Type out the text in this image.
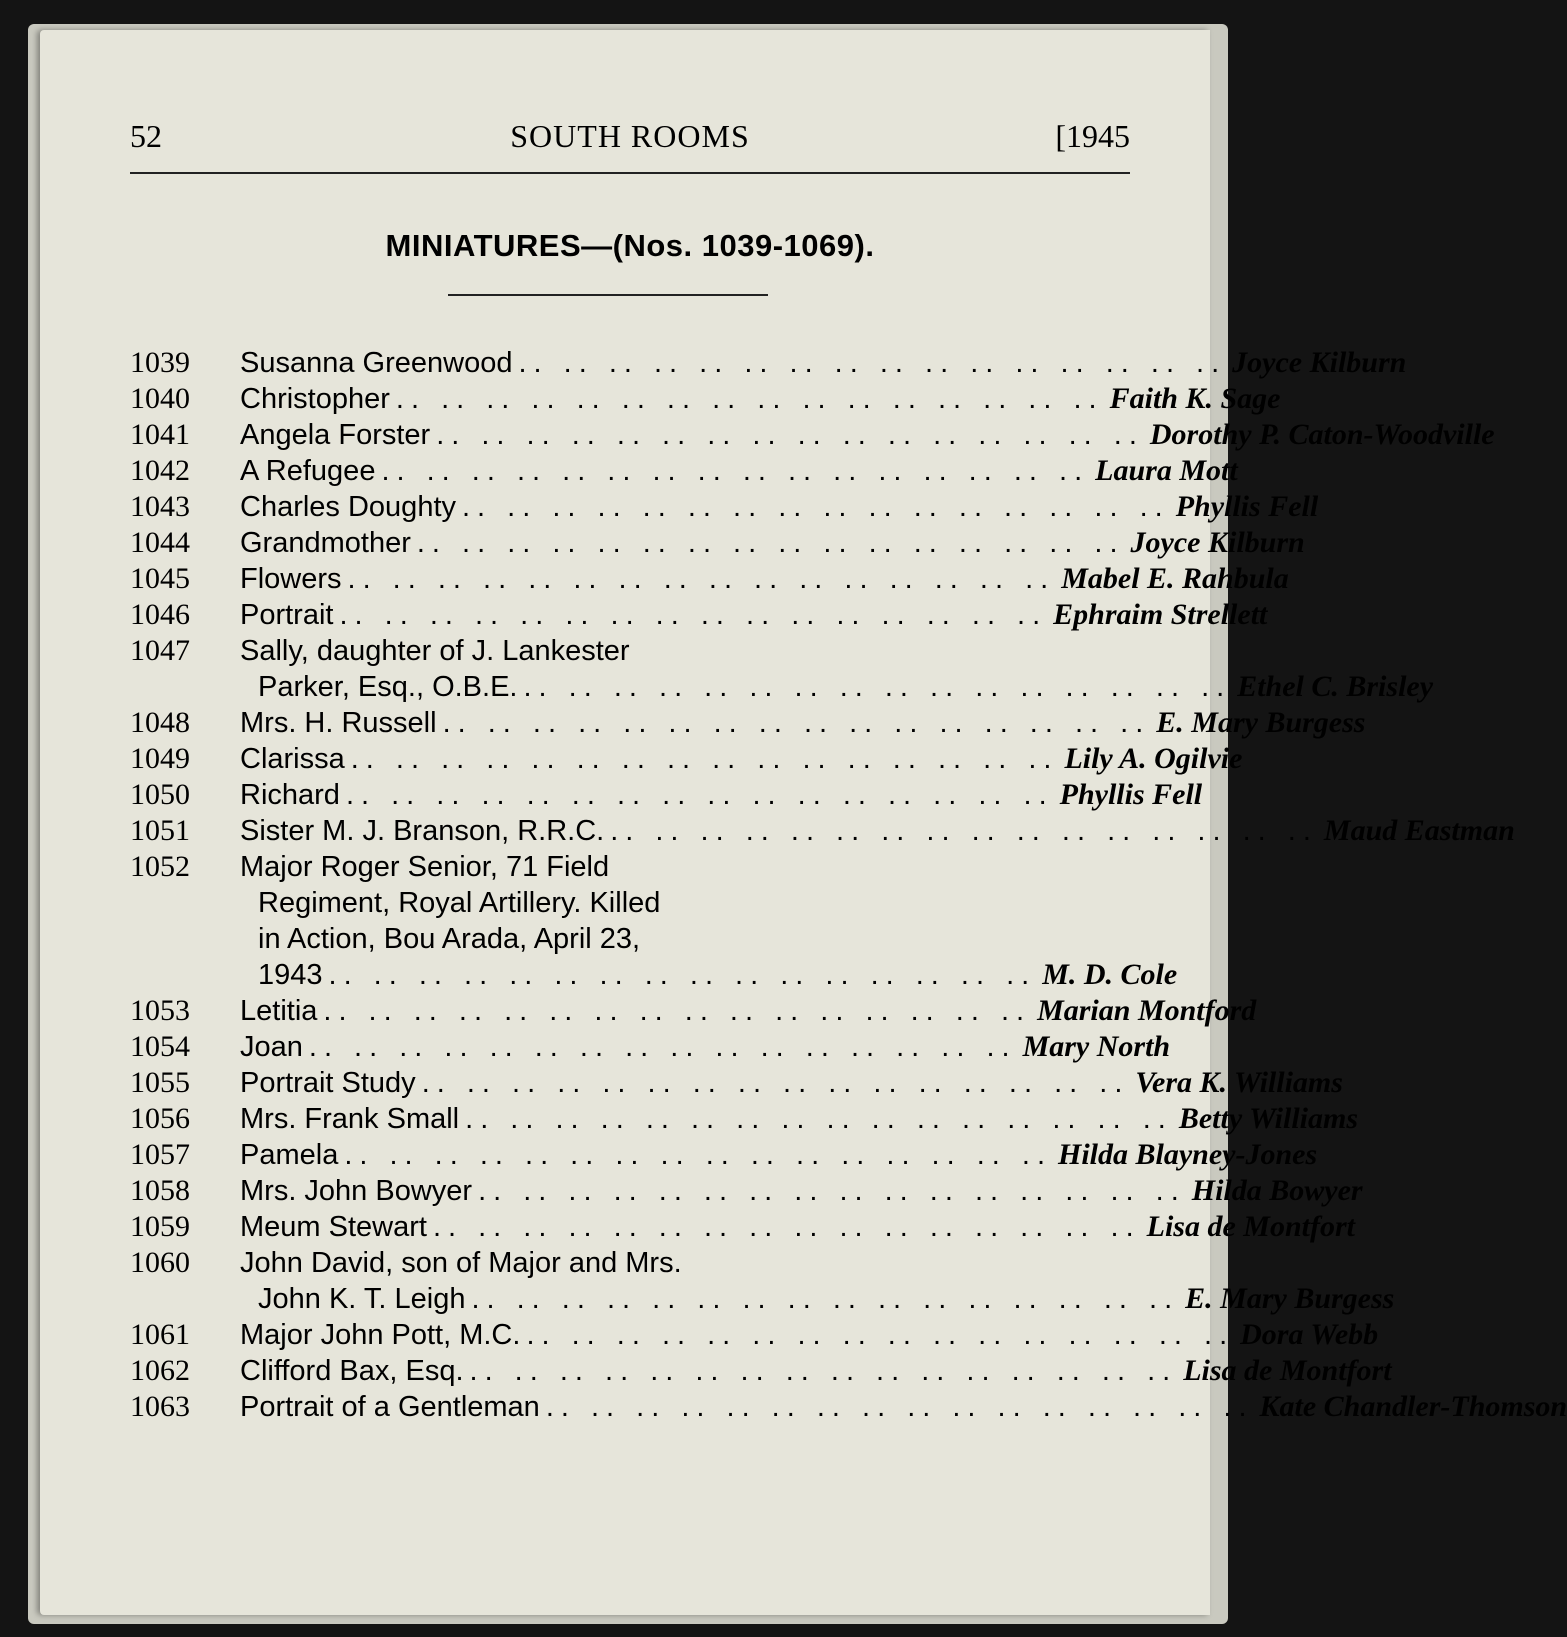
52	SOUTH ROOMS	[1945
MINIATURES—(Nos. 1039-1069).
1039	Susanna Greenwood .. .. .. .. .. .. .. .. .. .. .. .. .. .. .. .. Joyce Kilburn
1040	Christopher .. .. .. .. .. .. .. .. .. .. .. .. .. .. .. .. Faith K. Sage
1041	Angela Forster .. .. .. .. .. .. .. .. .. .. .. .. .. .. .. .. Dorothy P. Caton-Woodville
1042	A Refugee .. .. .. .. .. .. .. .. .. .. .. .. .. .. .. .. Laura Mott
1043	Charles Doughty .. .. .. .. .. .. .. .. .. .. .. .. .. .. .. .. Phyllis Fell
1044	Grandmother .. .. .. .. .. .. .. .. .. .. .. .. .. .. .. .. Joyce Kilburn
1045	Flowers .. .. .. .. .. .. .. .. .. .. .. .. .. .. .. .. Mabel E. Rahbula
1046	Portrait .. .. .. .. .. .. .. .. .. .. .. .. .. .. .. .. Ephraim Strellett
1047	Sally, daughter of J. Lankester
Parker, Esq., O.B.E. .. .. .. .. .. .. .. .. .. .. .. .. .. .. .. .. Ethel C. Brisley
1048	Mrs. H. Russell .. .. .. .. .. .. .. .. .. .. .. .. .. .. .. .. E. Mary Burgess
1049	Clarissa .. .. .. .. .. .. .. .. .. .. .. .. .. .. .. .. Lily A. Ogilvie
1050	Richard .. .. .. .. .. .. .. .. .. .. .. .. .. .. .. .. Phyllis Fell
1051	Sister M. J. Branson, R.R.C. .. .. .. .. .. .. .. .. .. .. .. .. .. .. .. .. Maud Eastman
1052	Major Roger Senior, 71 Field
Regiment, Royal Artillery. Killed
in Action, Bou Arada, April 23,
1943 .. .. .. .. .. .. .. .. .. .. .. .. .. .. .. .. M. D. Cole
1053	Letitia .. .. .. .. .. .. .. .. .. .. .. .. .. .. .. .. Marian Montford
1054	Joan .. .. .. .. .. .. .. .. .. .. .. .. .. .. .. .. Mary North
1055	Portrait Study .. .. .. .. .. .. .. .. .. .. .. .. .. .. .. .. Vera K. Williams
1056	Mrs. Frank Small .. .. .. .. .. .. .. .. .. .. .. .. .. .. .. .. Betty Williams
1057	Pamela .. .. .. .. .. .. .. .. .. .. .. .. .. .. .. .. Hilda Blayney-Jones
1058	Mrs. John Bowyer .. .. .. .. .. .. .. .. .. .. .. .. .. .. .. .. Hilda Bowyer
1059	Meum Stewart .. .. .. .. .. .. .. .. .. .. .. .. .. .. .. .. Lisa de Montfort
1060	John David, son of Major and Mrs.
John K. T. Leigh .. .. .. .. .. .. .. .. .. .. .. .. .. .. .. .. E. Mary Burgess
1061	Major John Pott, M.C. .. .. .. .. .. .. .. .. .. .. .. .. .. .. .. .. Dora Webb
1062	Clifford Bax, Esq. .. .. .. .. .. .. .. .. .. .. .. .. .. .. .. .. Lisa de Montfort
1063	Portrait of a Gentleman .. .. .. .. .. .. .. .. .. .. .. .. .. .. .. .. Kate Chandler-Thomson
